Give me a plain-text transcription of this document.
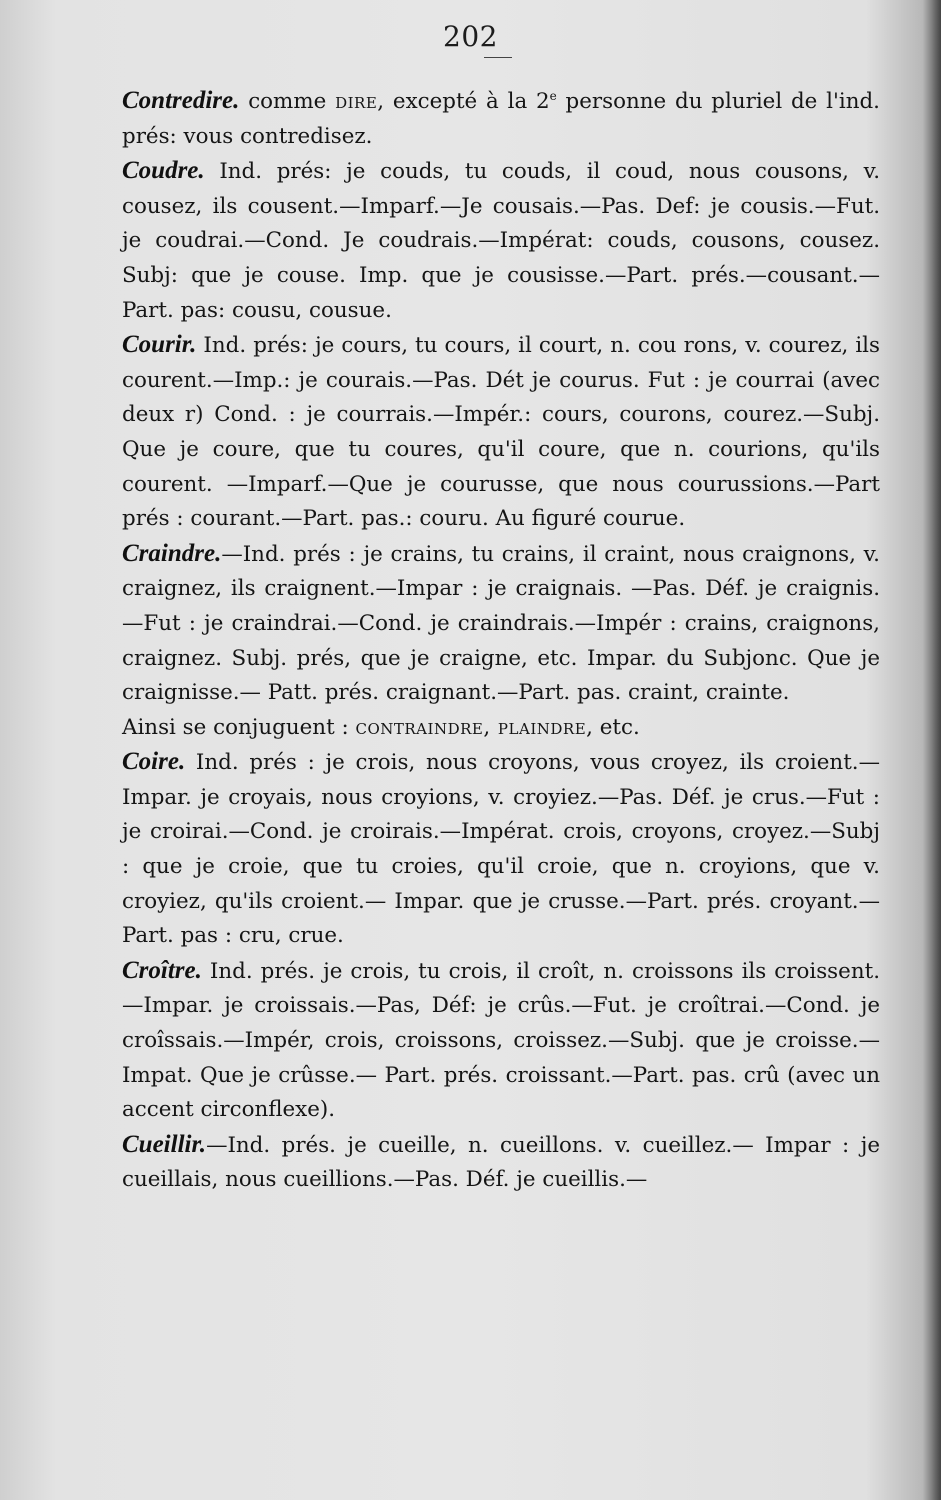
202

Contredire. comme dire, excepté à la 2e personne du pluriel de l'ind. prés: vous contredisez.

Coudre. Ind. prés: je couds, tu couds, il coud, nous cousons, v. cousez, ils cousent.—Imparf.—Je cousais.—Pas. Def: je cousis.—Fut. je coudrai.—Cond. Je coudrais.—Impérat: couds, cousons, cousez. Subj: que je couse. Imp. que je cousisse.—Part. prés.—cousant.—Part. pas: cousu, cousue.

Courir. Ind. prés: je cours, tu cours, il court, n. cou rons, v. courez, ils courent.—Imp.: je courais.—Pas. Dét je courus. Fut : je courrai (avec deux r) Cond. : je courrais.—Impér.: cours, courons, courez.—Subj. Que je coure, que tu coures, qu'il coure, que n. courions, qu'ils courent. —Imparf.—Que je courusse, que nous courussions.—Part prés : courant.—Part. pas.: couru. Au figuré courue.

Craindre.—Ind. prés : je crains, tu crains, il craint, nous craignons, v. craignez, ils craignent.—Impar : je craignais. —Pas. Déf. je craignis.—Fut : je craindrai.—Cond. je craindrais.—Impér : crains, craignons, craignez. Subj. prés, que je craigne, etc. Impar. du Subjonc. Que je craignisse.— Patt. prés. craignant.—Part. pas. craint, crainte.

Ainsi se conjuguent : contraindre, plaindre, etc.

Coire. Ind. prés : je crois, nous croyons, vous croyez, ils croient.—Impar. je croyais, nous croyions, v. croyiez.—Pas. Déf. je crus.—Fut : je croirai.—Cond. je croirais.—Impérat. crois, croyons, croyez.—Subj : que je croie, que tu croies, qu'il croie, que n. croyions, que v. croyiez, qu'ils croient.— Impar. que je crusse.—Part. prés. croyant.—Part. pas : cru, crue.

Croître. Ind. prés. je crois, tu crois, il croît, n. croissons ils croissent.—Impar. je croissais.—Pas, Déf: je crûs.—Fut. je croîtrai.—Cond. je croîssais.—Impér, crois, croissons, croissez.—Subj. que je croisse.—Impat. Que je crûsse.— Part. prés. croissant.—Part. pas. crû (avec un accent circonflexe).

Cueillir.—Ind. prés. je cueille, n. cueillons. v. cueillez.— Impar : je cueillais, nous cueillions.—Pas. Déf. je cueillis.—
